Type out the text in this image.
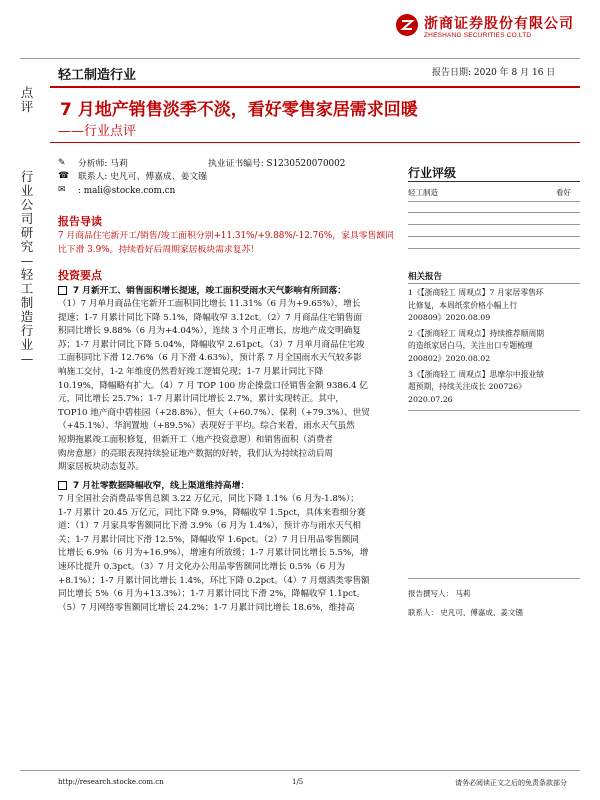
浙商证券股份有限公司
ZHESHANG SECURITIES CO.LTD
轻工制造行业	报告日期: 2020 年 8 月 16 日
点评 7 月地产销售淡季不淡，看好零售家居需求回暖
——行业点评
行业公司研究—轻工制造行业—
✎
☎
✉
分析师: 马莉	执业证书编号: S1230520070002
联系人: 史凡可、傅嘉成、姜文镪
: mali@stocke.com.cn
报告导读
7 月商品住宅新开工/销售/竣工面积分别+11.31%/+9.88%/-12.76%，家具零售额同比下滑 3.9%。持续看好后周期家居板块需求复苏！
投资要点
7 月新开工、销售面积增长提速，竣工面积受雨水天气影响有所回落：
（1）7 月单月商品住宅新开工面积同比增长 11.31%（6 月为+9.65%），增长
提速；1-7 月累计同比下降 5.1%，降幅收窄 3.12ct。（2）7 月商品住宅销售面
积同比增长 9.88%（6 月为+4.04%），连续 3 个月正增长，房地产成交明确复
苏；1-7 月累计同比下降 5.04%，降幅收窄 2.61pct。（3）7 月单月商品住宅竣
工面积同比下滑 12.76%（6 月下滑 4.63%），预计系 7 月全国雨水天气较多影
响施工交付，1-2 年维度仍然看好竣工逻辑兑现；1-7 月累计同比下降
10.19%，降幅略有扩大。（4）7 月 TOP 100 房企操盘口径销售金额 9386.4 亿
元，同比增长 25.7%；1-7 月累计同比增长 2.7%，累计实现转正。其中，
TOP10 地产商中碧桂园（+28.8%）、恒大（+60.7%）、保利（+79.3%）、世贸
（+45.1%）、华润置地（+89.5%）表现好于平均。综合来看，雨水天气虽然
短期拖累竣工面积修复，但新开工（地产投资意愿）和销售面积（消费者
购房意愿）的亮眼表现持续验证地产数据的好转，我们认为持续拉动后周
期家居板块动态复苏。
7 月社零数据降幅收窄，线上渠道维持高增：
7 月全国社会消费品零售总额 3.22 万亿元，同比下降 1.1%（6 月为-1.8%）；
1-7 月累计 20.45 万亿元，同比下降 9.9%，降幅收窄 1.5pct，具体来看细分赛
道：（1）7 月家具零售额同比下滑 3.9%（6 月为 1.4%），预计亦与雨水天气相
关；1-7 月累计同比下滑 12.5%，降幅收窄 1.6pct。（2）7 月日用品零售额同
比增长 6.9%（6 月为+16.9%），增速有所放缓；1-7 月累计同比增长 5.5%，增
速环比提升 0.3pct。（3）7 月文化办公用品零售额同比增长 0.5%（6 月为
+8.1%）；1-7 月累计同比增长 1.4%，环比下降 0.2pct。（4）7 月烟酒类零售额
同比增长 5%（6 月为+13.3%）；1-7 月累计同比下滑 2%，降幅收窄 1.1pct。
（5）7 月网络零售额同比增长 24.2%；1-7 月累计同比增长 18.6%，维持高
行业评级
轻工制造	看好
相关报告
1《【浙商轻工 周观点】7 月家居零售环
比修复，本周纸浆价格小幅上行
200809》2020.08.09
2《【浙商轻工 周观点】持续推荐顺周期
的造纸家居白马，关注出口专题梳理
200802》2020.08.02
3《【浙商轻工 周观点】思摩尔中报业绩
超预期，持续关注成长 200726》
2020.07.26
报告撰写人： 马莉
联系人： 史凡可、傅嘉成、姜文镪
http://research.stocke.com.cn	1/5	请务必阅读正文之后的免责条款部分
